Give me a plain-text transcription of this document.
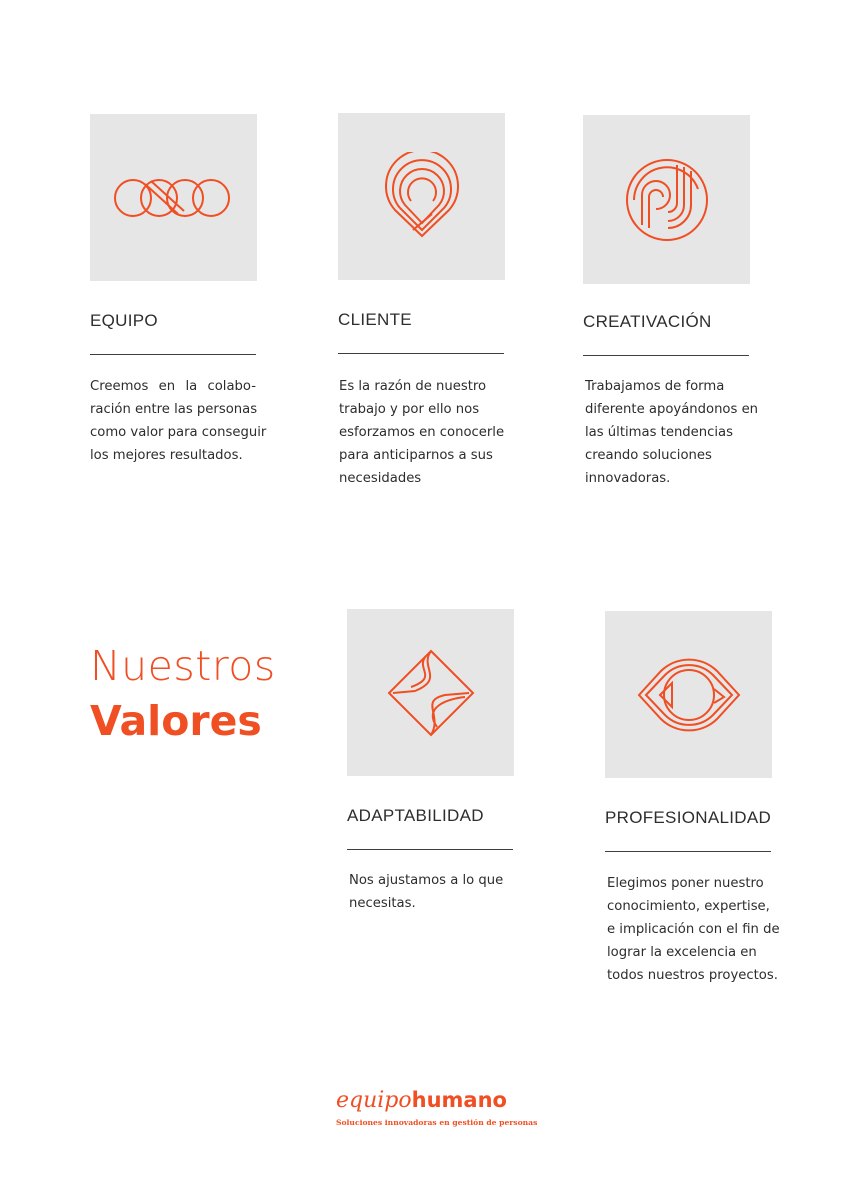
EQUIPO
Creemos en la colabo-
ración entre las personas
como valor para conseguir
los mejores resultados.
CLIENTE
Es la razón de nuestro
trabajo y por ello nos
esforzamos en conocerle
para anticiparnos a sus
necesidades
CREATIVACIÓN
Trabajamos de forma
diferente apoyándonos en
las últimas tendencias
creando soluciones
innovadoras.
Nuestros
Valores
ADAPTABILIDAD
Nos ajustamos a lo que
necesitas.
PROFESIONALIDAD
Elegimos poner nuestro
conocimiento, expertise,
e implicación con el fin de
lograr la excelencia en
todos nuestros proyectos.
equipohumano
Soluciones innovadoras en gestión de personas
